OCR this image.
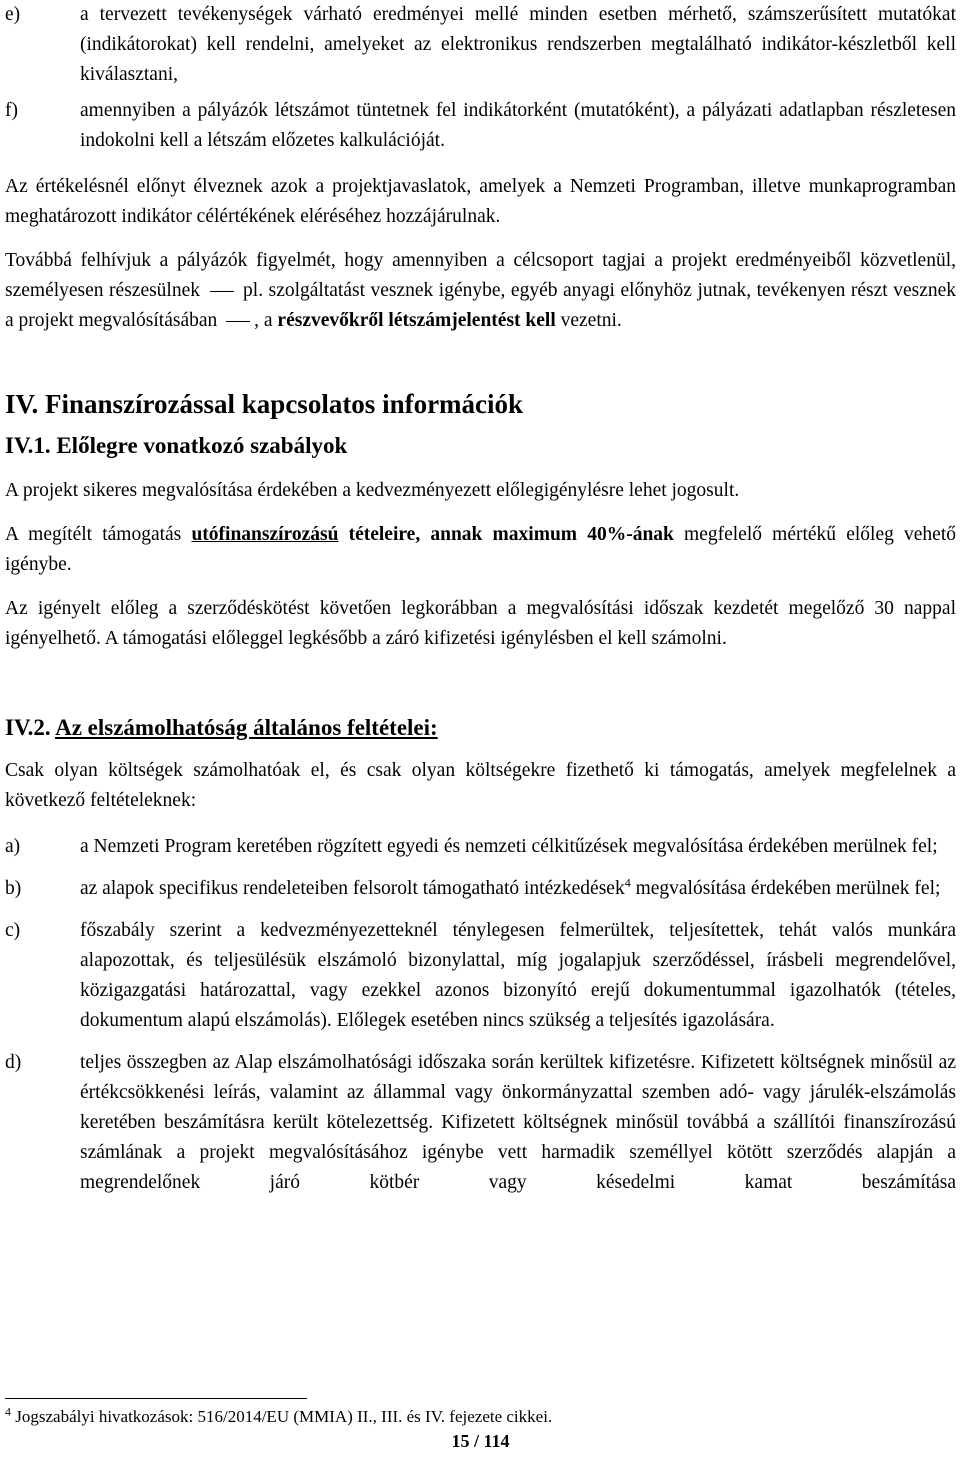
e)	a tervezett tevékenységek várható eredményei mellé minden esetben mérhető, számszerűsített mutatókat (indikátorokat) kell rendelni, amelyeket az elektronikus rendszerben megtalálható indikátor-készletből kell kiválasztani,
f)	amennyiben a pályázók létszámot tüntetnek fel indikátorként (mutatóként), a pályázati adatlapban részletesen indokolni kell a létszám előzetes kalkulációját.

Az értékelésnél előnyt élveznek azok a projektjavaslatok, amelyek a Nemzeti Programban, illetve munkaprogramban meghatározott indikátor célértékének eléréséhez hozzájárulnak.

Továbbá felhívjuk a pályázók figyelmét, hogy amennyiben a célcsoport tagjai a projekt eredményeiből közvetlenül, személyesen részesülnek pl. szolgáltatást vesznek igénybe, egyéb anyagi előnyhöz jutnak, tevékenyen részt vesznek a projekt megvalósításában , a részvevőkről létszámjelentést kell vezetni.

IV. Finanszírozással kapcsolatos információk
IV.1. Előlegre vonatkozó szabályok

A projekt sikeres megvalósítása érdekében a kedvezményezett előlegigénylésre lehet jogosult.

A megítélt támogatás utófinanszírozású tételeire, annak maximum 40%-ának megfelelő mértékű előleg vehető igénybe.

Az igényelt előleg a szerződéskötést követően legkorábban a megvalósítási időszak kezdetét megelőző 30 nappal igényelhető. A támogatási előleggel legkésőbb a záró kifizetési igénylésben el kell számolni.

IV.2. Az elszámolhatóság általános feltételei:

Csak olyan költségek számolhatóak el, és csak olyan költségekre fizethető ki támogatás, amelyek megfelelnek a következő feltételeknek:

a)	a Nemzeti Program keretében rögzített egyedi és nemzeti célkitűzések megvalósítása érdekében merülnek fel;
b)	az alapok specifikus rendeleteiben felsorolt támogatható intézkedések$^4$ megvalósítása érdekében merülnek fel;
c)	főszabály szerint a kedvezményezetteknél ténylegesen felmerültek, teljesítettek, tehát valós munkára alapozottak, és teljesülésük elszámoló bizonylattal, míg jogalapjuk szerződéssel, írásbeli megrendelővel, közigazgatási határozattal, vagy ezekkel azonos bizonyító erejű dokumentummal igazolhatók (tételes, dokumentum alapú elszámolás). Előlegek esetében nincs szükség a teljesítés igazolására.
d)	teljes összegben az Alap elszámolhatósági időszaka során kerültek kifizetésre. Kifizetett költségnek minősül az értékcsökkenési leírás, valamint az állammal vagy önkormányzattal szemben adó- vagy járulék-elszámolás keretében beszámításra került kötelezettség. Kifizetett költségnek minősül továbbá a szállítói finanszírozású számlának a projekt megvalósításához igénybe vett harmadik személlyel kötött szerződés alapján a megrendelőnek járó kötbér vagy késedelmi kamat beszámítása
$^4$ Jogszabályi hivatkozások: 516/2014/EU (MMIA) II., III. és IV. fejezete cikkei.
15 / 114
